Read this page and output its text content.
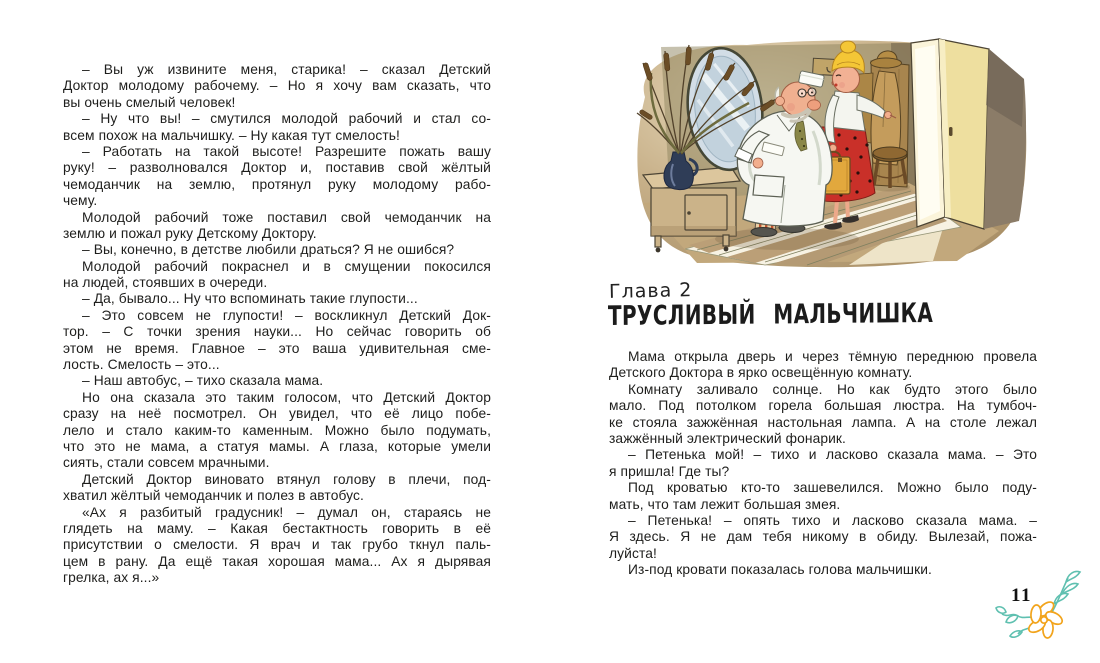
– Вы уж извините меня, старика! – сказал Детский
Доктор молодому рабочему. – Но я хочу вам сказать, что
вы очень смелый человек!
– Ну что вы! – смутился молодой рабочий и стал со-
всем похож на мальчишку. – Ну какая тут смелость!
– Работать на такой высоте! Разрешите пожать вашу
руку! – разволновался Доктор и, поставив свой жёлтый
чемоданчик на землю, протянул руку молодому рабо-
чему.
Молодой рабочий тоже поставил свой чемоданчик на
землю и пожал руку Детскому Доктору.
– Вы, конечно, в детстве любили драться? Я не ошибся?
Молодой рабочий покраснел и в смущении покосился
на людей, стоявших в очереди.
– Да, бывало... Ну что вспоминать такие глупости...
– Это совсем не глупости! – воскликнул Детский Док-
тор. – С точки зрения науки... Но сейчас говорить об
этом не время. Главное – это ваша удивительная сме-
лость. Смелость – это...
– Наш автобус, – тихо сказала мама.
Но она сказала это таким голосом, что Детский Доктор
сразу на неё посмотрел. Он увидел, что её лицо побе-
лело и стало каким-то каменным. Можно было подумать,
что это не мама, а статуя мамы. А глаза, которые умели
сиять, стали совсем мрачными.
Детский Доктор виновато втянул голову в плечи, под-
хватил жёлтый чемоданчик и полез в автобус.
«Ах я разбитый градусник! – думал он, стараясь не
глядеть на маму. – Какая бестактность говорить в её
присутствии о смелости. Я врач и так грубо ткнул паль-
цем в рану. Да ещё такая хорошая мама... Ах я дырявая
грелка, ах я...»
Глава 2
ТРУСЛИВЫЙ МАЛЬЧИШКА
Мама открыла дверь и через тёмную переднюю провела
Детского Доктора в ярко освещённую комнату.
Комнату заливало солнце. Но как будто этого было
мало. Под потолком горела большая люстра. На тумбоч-
ке стояла зажжённая настольная лампа. А на столе лежал
зажжённый электрический фонарик.
– Петенька мой! – тихо и ласково сказала мама. – Это
я пришла! Где ты?
Под кроватью кто-то зашевелился. Можно было поду-
мать, что там лежит большая змея.
– Петенька! – опять тихо и ласково сказала мама. –
Я здесь. Я не дам тебя никому в обиду. Вылезай, пожа-
луйста!
Из-под кровати показалась голова мальчишки.
11
